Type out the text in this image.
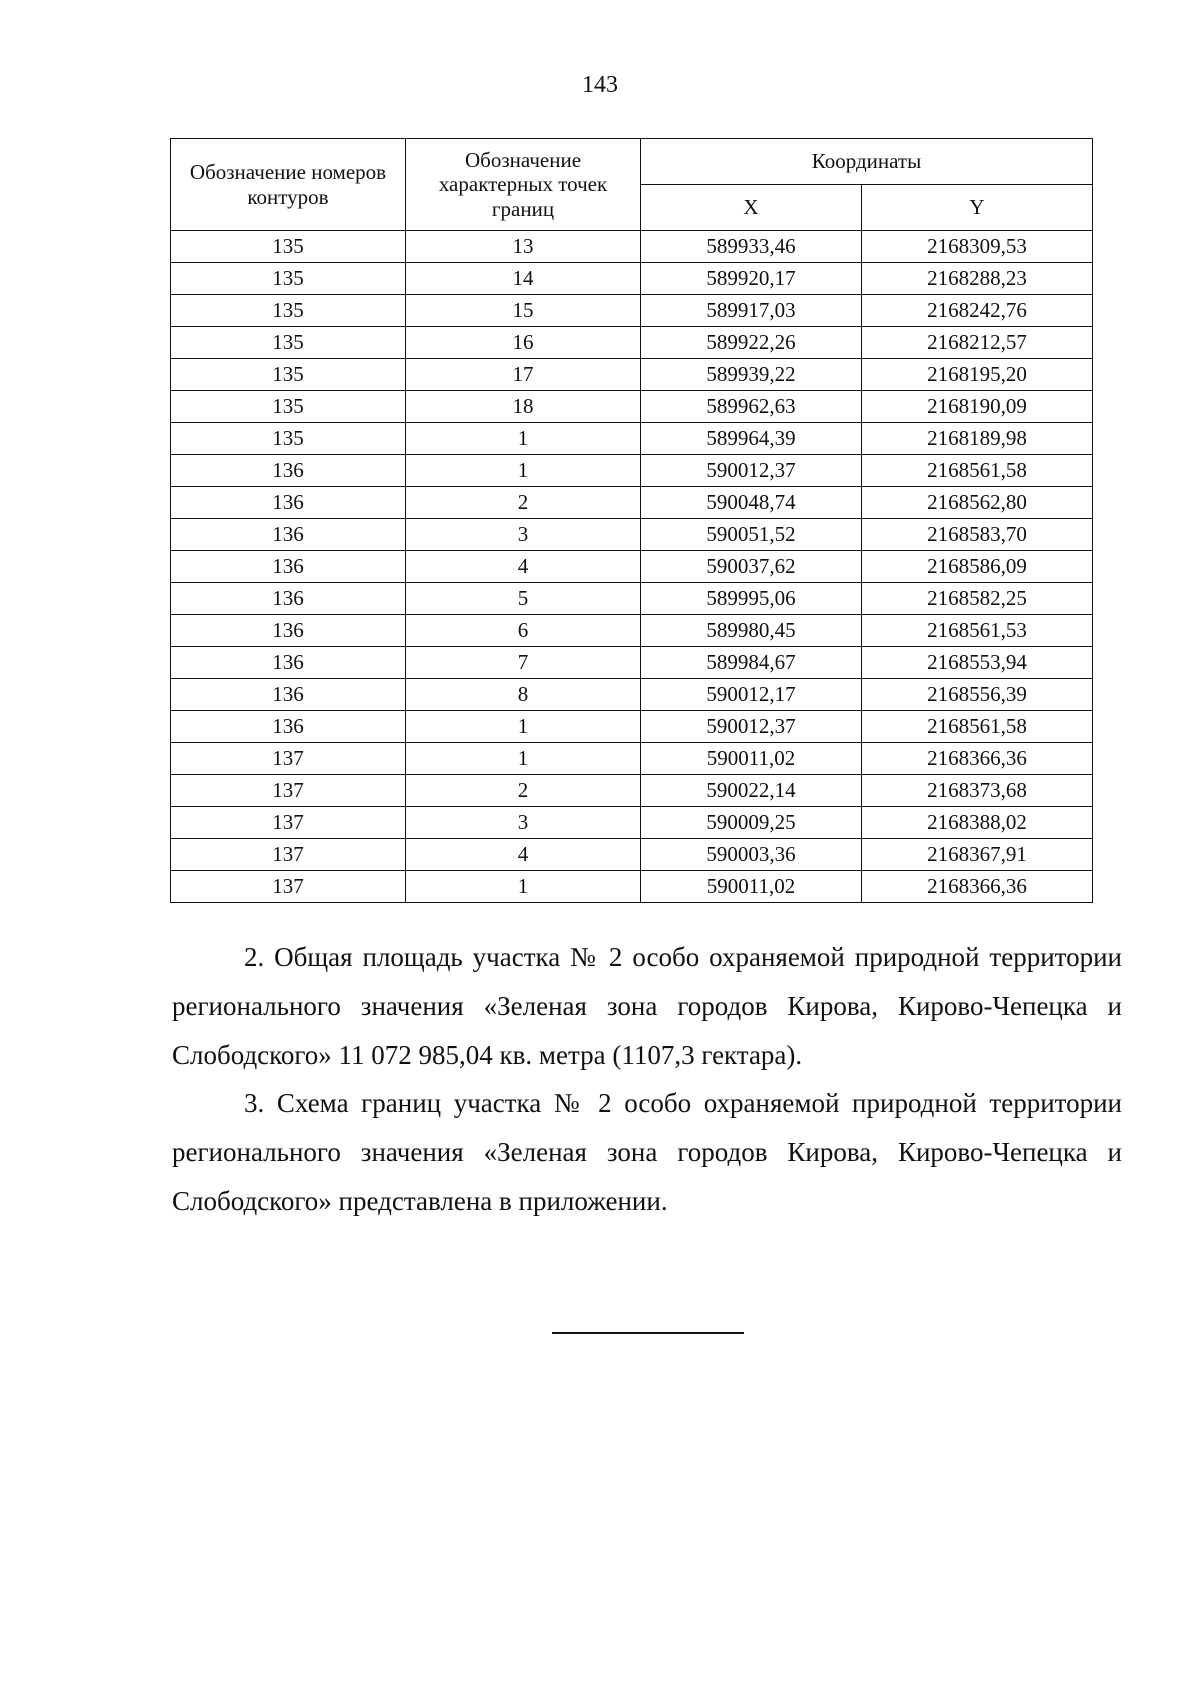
143
Обозначение номеров контуров	Обозначение характерных точек границ	Координаты	
		X	Y
135	13	589933,46	2168309,53
135	14	589920,17	2168288,23
135	15	589917,03	2168242,76
135	16	589922,26	2168212,57
135	17	589939,22	2168195,20
135	18	589962,63	2168190,09
135	1	589964,39	2168189,98
136	1	590012,37	2168561,58
136	2	590048,74	2168562,80
136	3	590051,52	2168583,70
136	4	590037,62	2168586,09
136	5	589995,06	2168582,25
136	6	589980,45	2168561,53
136	7	589984,67	2168553,94
136	8	590012,17	2168556,39
136	1	590012,37	2168561,58
137	1	590011,02	2168366,36
137	2	590022,14	2168373,68
137	3	590009,25	2168388,02
137	4	590003,36	2168367,91
137	1	590011,02	2168366,36

2. Общая площадь участка № 2 особо охраняемой природной территории регионального значения «Зеленая зона городов Кирова, Кирово-Чепецка и Слободского» 11 072 985,04 кв. метра (1107,3 гектара).

3. Схема границ участка № 2 особо охраняемой природной территории регионального значения «Зеленая зона городов Кирова, Кирово-Чепецка и Слободского» представлена в приложении.
